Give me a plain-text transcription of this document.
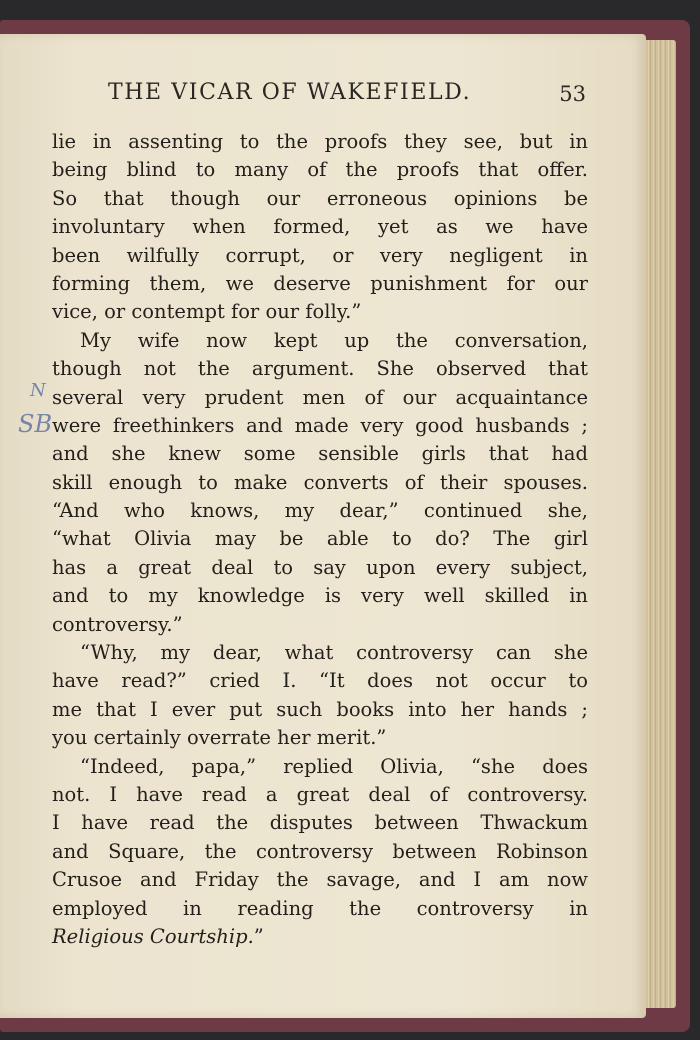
THE VICAR OF WAKEFIELD.	53
N
SB
lie in assenting to the proofs they see, but in
being blind to many of the proofs that offer.
So that though our erroneous opinions be
involuntary when formed, yet as we have
been wilfully corrupt, or very negligent in
forming them, we deserve punishment for our
vice, or contempt for our folly.”
My wife now kept up the conversation,
though not the argument. She observed that
several very prudent men of our acquaintance
were freethinkers and made very good husbands ;
and she knew some sensible girls that had
skill enough to make converts of their spouses.
“And who knows, my dear,” continued she,
“what Olivia may be able to do? The girl
has a great deal to say upon every subject,
and to my knowledge is very well skilled in
controversy.”
“Why, my dear, what controversy can she
have read?” cried I. “It does not occur to
me that I ever put such books into her hands ;
you certainly overrate her merit.”
“Indeed, papa,” replied Olivia, “she does
not. I have read a great deal of controversy.
I have read the disputes between Thwackum
and Square, the controversy between Robinson
Crusoe and Friday the savage, and I am now
employed in reading the controversy in
Religious Courtship.”
